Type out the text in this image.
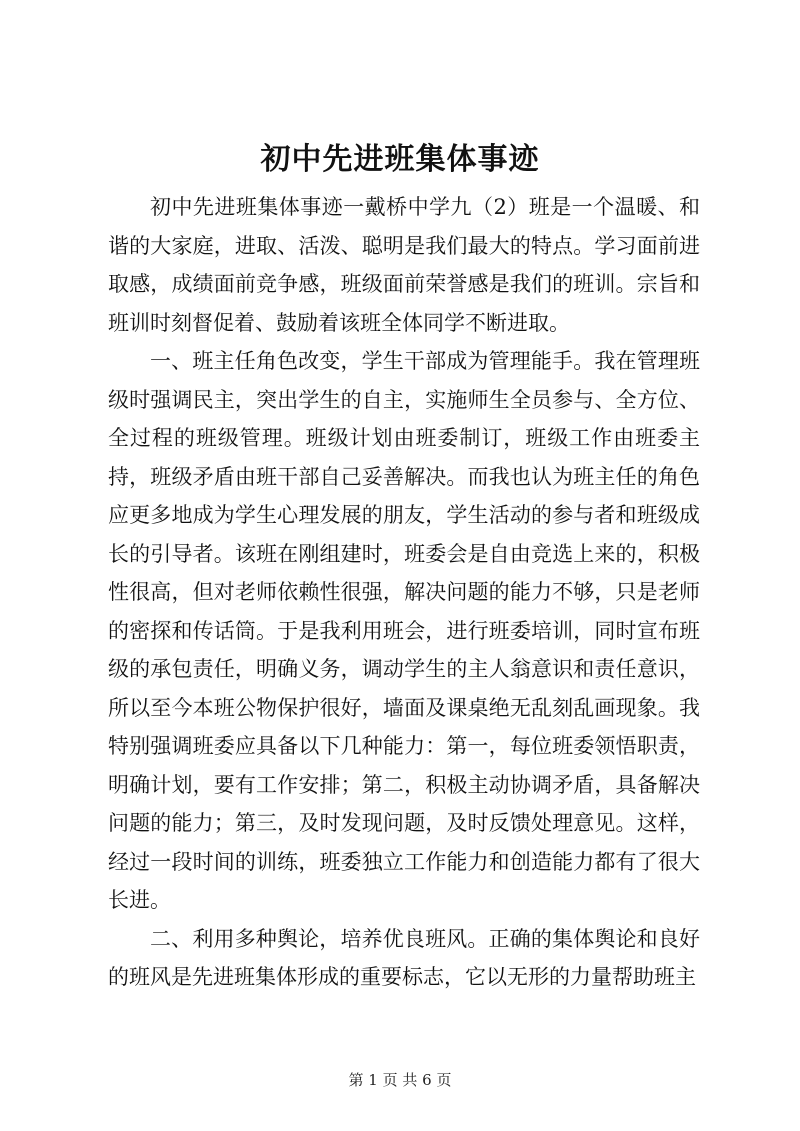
初中先进班集体事迹

初中先进班集体事迹一戴桥中学九（2）班是一个温暖、和谐的大家庭，进取、活泼、聪明是我们最大的特点。学习面前进取感，成绩面前竞争感，班级面前荣誉感是我们的班训。宗旨和班训时刻督促着、鼓励着该班全体同学不断进取。

一、班主任角色改变，学生干部成为管理能手。我在管理班级时强调民主，突出学生的自主，实施师生全员参与、全方位、全过程的班级管理。班级计划由班委制订，班级工作由班委主持，班级矛盾由班干部自己妥善解决。而我也认为班主任的角色应更多地成为学生心理发展的朋友，学生活动的参与者和班级成长的引导者。该班在刚组建时，班委会是自由竞选上来的，积极性很高，但对老师依赖性很强，解决问题的能力不够，只是老师的密探和传话筒。于是我利用班会，进行班委培训，同时宣布班级的承包责任，明确义务，调动学生的主人翁意识和责任意识，所以至今本班公物保护很好，墙面及课桌绝无乱刻乱画现象。我特别强调班委应具备以下几种能力：第一，每位班委领悟职责，明确计划，要有工作安排；第二，积极主动协调矛盾，具备解决问题的能力；第三，及时发现问题，及时反馈处理意见。这样，经过一段时间的训练，班委独立工作能力和创造能力都有了很大长进。

二、利用多种舆论，培养优良班风。正确的集体舆论和良好的班风是先进班集体形成的重要标志，它以无形的力量帮助班主

第 1 页 共 6 页
